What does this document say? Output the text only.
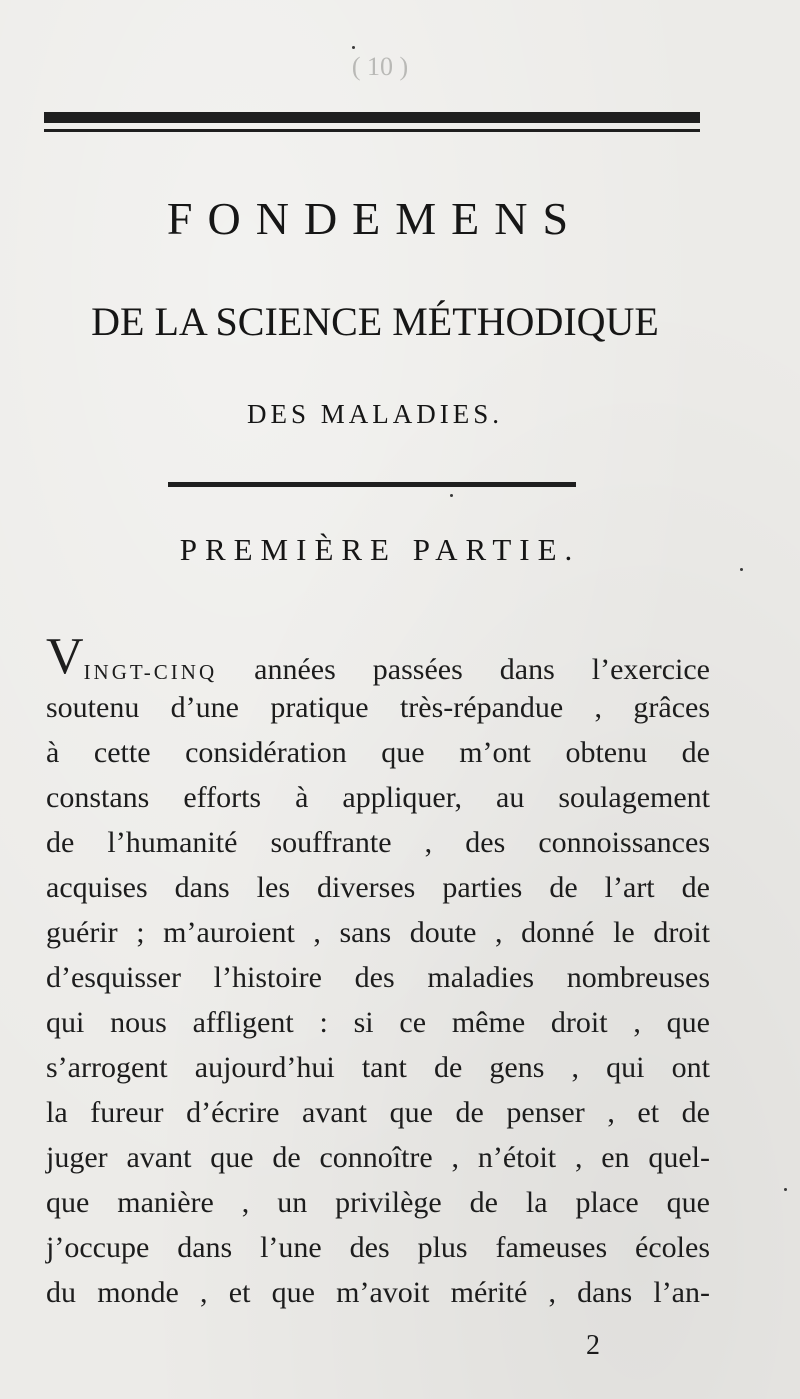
( 10 )
FONDEMENS
DE LA SCIENCE MÉTHODIQUE
DES MALADIES.
PREMIÈRE PARTIE.
VINGT-CINQ années passées dans l’exercice
soutenu d’une pratique très-répandue , grâces
à cette considération que m’ont obtenu de
constans efforts à appliquer, au soulagement
de l’humanité souffrante , des connoissances
acquises dans les diverses parties de l’art de
guérir ; m’auroient , sans doute , donné le droit
d’esquisser l’histoire des maladies nombreuses
qui nous affligent : si ce même droit , que
s’arrogent aujourd’hui tant de gens , qui ont
la fureur d’écrire avant que de penser , et de
juger avant que de connoître , n’étoit , en quel-
que manière , un privilège de la place que
j’occupe dans l’une des plus fameuses écoles
du monde , et que m’avoit mérité , dans l’an-
2
